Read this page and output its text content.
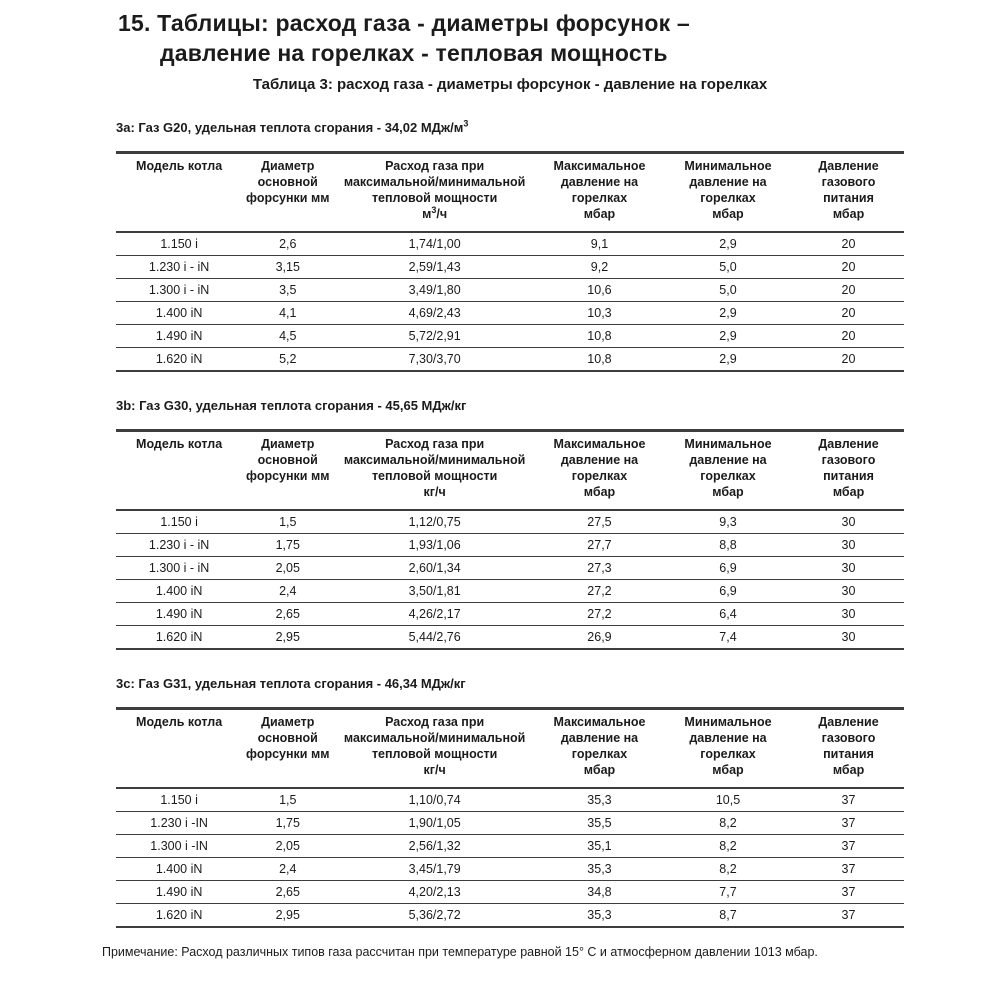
15. Таблицы: расход газа - диаметры форсунок –
давление на горелках - тепловая мощность
Таблица 3: расход газа - диаметры форсунок - давление на горелках

3а: Газ G20, удельная теплота сгорания - 34,02 МДж/$м^3$

Модель котла	Диаметр
основной
форсунки мм	Расход газа при
максимальной/минимальной
тепловой мощности
$м^3/ч$	Максимальное
давление на
горелках
мбар	Минимальное
давление на
горелках
мбар	Давление
газового
питания
мбар
1.150 i	2,6	1,74/1,00	9,1	2,9	20
1.230 i - iN	3,15	2,59/1,43	9,2	5,0	20
1.300 i - iN	3,5	3,49/1,80	10,6	5,0	20
1.400 iN	4,1	4,69/2,43	10,3	2,9	20
1.490 iN	4,5	5,72/2,91	10,8	2,9	20
1.620 iN	5,2	7,30/3,70	10,8	2,9	20

3b: Газ G30, удельная теплота сгорания - 45,65 МДж/кг

Модель котла	Диаметр
основной
форсунки мм	Расход газа при
максимальной/минимальной
тепловой мощности
кг/ч	Максимальное
давление на
горелках
мбар	Минимальное
давление на
горелках
мбар	Давление
газового
питания
мбар
1.150 i	1,5	1,12/0,75	27,5	9,3	30
1.230 i - iN	1,75	1,93/1,06	27,7	8,8	30
1.300 i - iN	2,05	2,60/1,34	27,3	6,9	30
1.400 iN	2,4	3,50/1,81	27,2	6,9	30
1.490 iN	2,65	4,26/2,17	27,2	6,4	30
1.620 iN	2,95	5,44/2,76	26,9	7,4	30

3с: Газ G31, удельная теплота сгорания - 46,34 МДж/кг

Модель котла	Диаметр
основной
форсунки мм	Расход газа при
максимальной/минимальной
тепловой мощности
кг/ч	Максимальное
давление на
горелках
мбар	Минимальное
давление на
горелках
мбар	Давление
газового
питания
мбар
1.150 i	1,5	1,10/0,74	35,3	10,5	37
1.230 i -IN	1,75	1,90/1,05	35,5	8,2	37
1.300 i -IN	2,05	2,56/1,32	35,1	8,2	37
1.400 iN	2,4	3,45/1,79	35,3	8,2	37
1.490 iN	2,65	4,20/2,13	34,8	7,7	37
1.620 iN	2,95	5,36/2,72	35,3	8,7	37

Примечание: Расход различных типов газа рассчитан при температуре равной 15° С и атмосферном давлении 1013 мбар.
